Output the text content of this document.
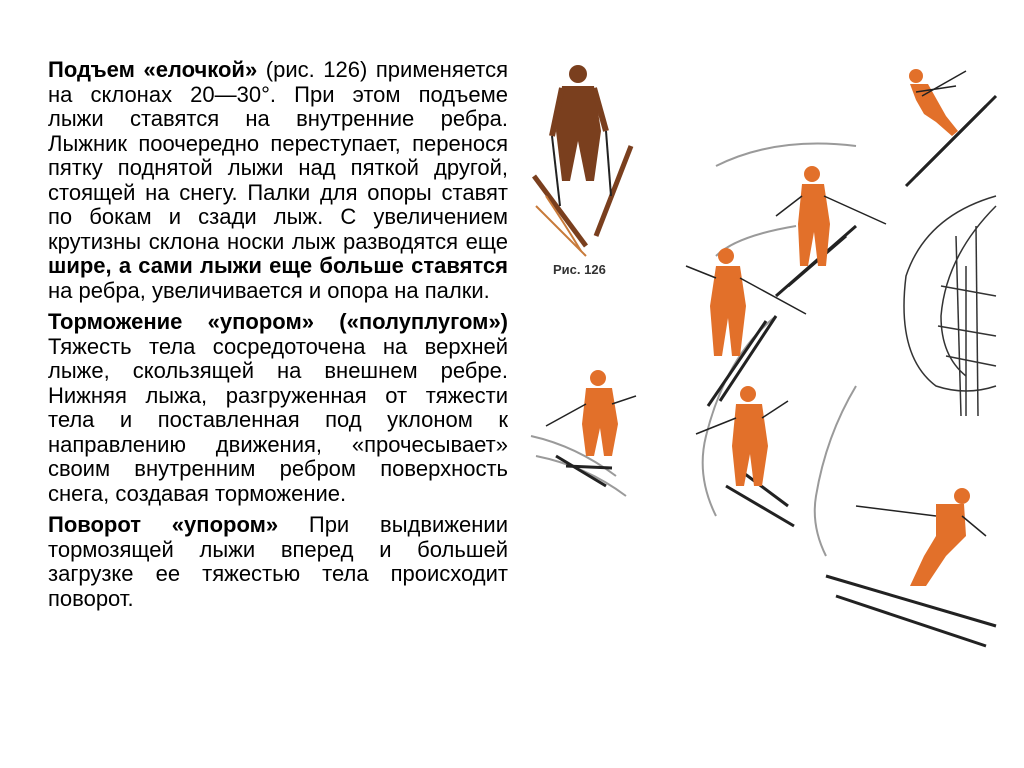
Подъем «елочкой» (рис. 126) применяется на склонах 20—30°. При этом подъеме лыжи ставятся на внутренние ребра. Лыжник поочередно переступает, перенося пятку поднятой лыжи над пяткой другой, стоящей на снегу. Палки для опоры ставят по бокам и сзади лыж. С увеличением крутизны склона носки лыж разводятся еще шире, а сами лыжи еще больше ставятся на ребра, увеличивается и опора на палки.

Торможение «упором» («полуплугом») Тяжесть тела сосредоточена на верхней лыже, скользящей на внешнем ребре. Нижняя лыжа, разгруженная от тяжести тела и поставленная под уклоном к направлению движения, «прочесывает» своим внутренним ребром поверхность снега, создавая торможение.

Поворот «упором» При выдвижении тормозящей лыжи вперед и большей загрузке ее тяжестью тела происходит поворот.

Рис. 126
